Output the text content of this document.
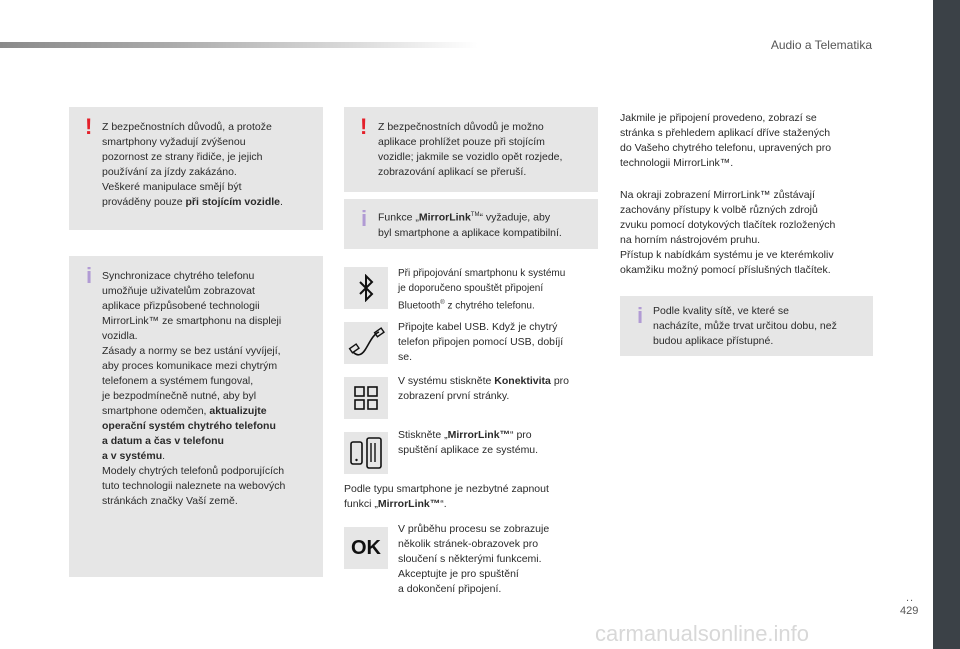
Audio a Telematika
..
429
carmanualsonline.info
! Z bezpečnostních důvodů, a protože

smartphony vyžadují zvýšenou

pozornost ze strany řidiče, je jejich

používání za jízdy zakázáno.

Veškeré manipulace smějí být

prováděny pouze při stojícím vozidle.

i Synchronizace chytrého telefonu

umožňuje uživatelům zobrazovat

aplikace přizpůsobené technologii

MirrorLink™ ze smartphonu na displeji

vozidla.

Zásady a normy se bez ustání vyvíjejí,

aby proces komunikace mezi chytrým

telefonem a systémem fungoval,

je bezpodmínečně nutné, aby byl

smartphone odemčen, aktualizujte

operační systém chytrého telefonu

a datum a čas v telefonu

a v systému.

Modely chytrých telefonů podporujících

tuto technologii naleznete na webových

stránkách značky Vaší země.

! Z bezpečnostních důvodů je možno

aplikace prohlížet pouze při stojícím

vozidle; jakmile se vozidlo opět rozjede,

zobrazování aplikací se přeruší.

i Funkce „MirrorLink™“ vyžaduje, aby

byl smartphone a aplikace kompatibilní.

Při připojování smartphonu k systému

je doporučeno spouštět připojení

Bluetooth® z chytrého telefonu.

Připojte kabel USB. Když je chytrý

telefon připojen pomocí USB, dobíjí

se.

V systému stiskněte Konektivita pro

zobrazení první stránky.

Stiskněte „MirrorLink™“ pro

spuštění aplikace ze systému.

Podle typu smartphone je nezbytné zapnout

funkci „MirrorLink™“.

OK

V průběhu procesu se zobrazuje

několik stránek-obrazovek pro

sloučení s některými funkcemi.

Akceptujte je pro spuštění

a dokončení připojení.

Jakmile je připojení provedeno, zobrazí se

stránka s přehledem aplikací dříve stažených

do Vašeho chytrého telefonu, upravených pro

technologii MirrorLink™.

Na okraji zobrazení MirrorLink™ zůstávají

zachovány přístupy k volbě různých zdrojů

zvuku pomocí dotykových tlačítek rozložených

na horním nástrojovém pruhu.

Přístup k nabídkám systému je ve kterémkoliv

okamžiku možný pomocí příslušných tlačítek.

i Podle kvality sítě, ve které se

nacházíte, může trvat určitou dobu, než

budou aplikace přístupné.
